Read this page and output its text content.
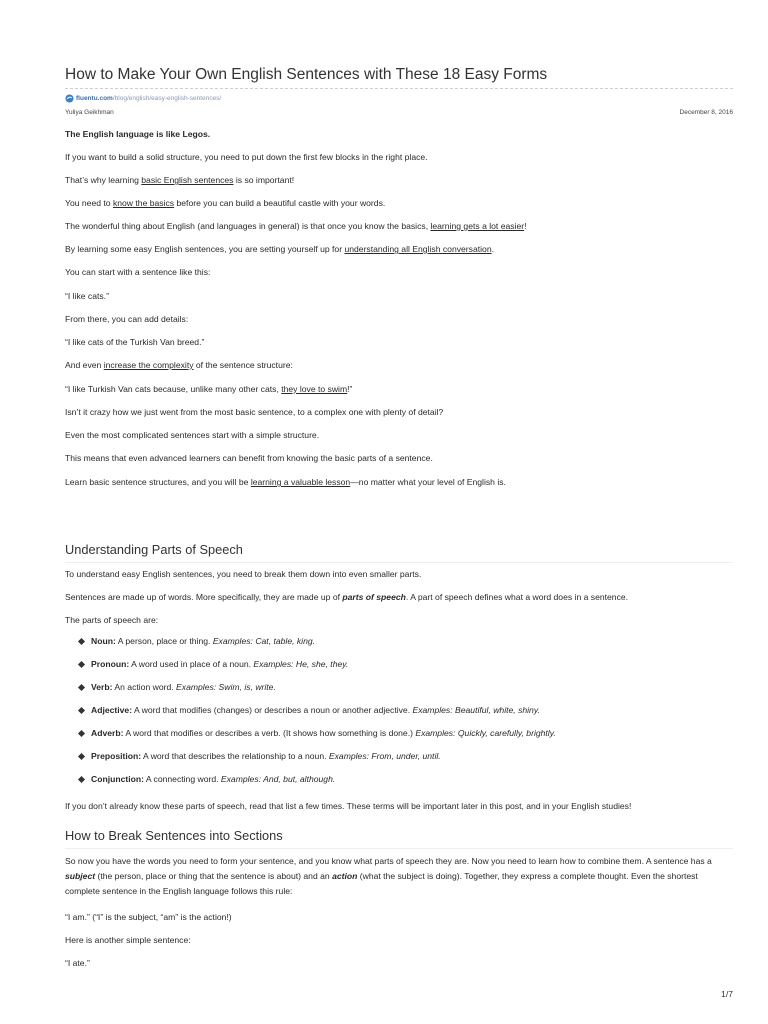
How to Make Your Own English Sentences with These 18 Easy Forms
fluentu.com /blog/english/easy-english-sentences/
Yuliya Geikhman	December 8, 2016

The English language is like Legos.

If you want to build a solid structure, you need to put down the first few blocks in the right place.

That’s why learning basic English sentences is so important!

You need to know the basics before you can build a beautiful castle with your words.

The wonderful thing about English (and languages in general) is that once you know the basics, learning gets a lot easier!

By learning some easy English sentences, you are setting yourself up for understanding all English conversation.

You can start with a sentence like this:

“I like cats.”

From there, you can add details:

“I like cats of the Turkish Van breed.”

And even increase the complexity of the sentence structure:

“I like Turkish Van cats because, unlike many other cats, they love to swim!”

Isn’t it crazy how we just went from the most basic sentence, to a complex one with plenty of detail?

Even the most complicated sentences start with a simple structure.

This means that even advanced learners can benefit from knowing the basic parts of a sentence.

Learn basic sentence structures, and you will be learning a valuable lesson—no matter what your level of English is.

Understanding Parts of Speech

To understand easy English sentences, you need to break them down into even smaller parts.

Sentences are made up of words. More specifically, they are made up of parts of speech. A part of speech defines what a word does in a sentence.

The parts of speech are:

Noun: A person, place or thing. Examples: Cat, table, king.
Pronoun: A word used in place of a noun. Examples: He, she, they.
Verb: An action word. Examples: Swim, is, write.
Adjective: A word that modifies (changes) or describes a noun or another adjective. Examples: Beautiful, white, shiny.
Adverb: A word that modifies or describes a verb. (It shows how something is done.) Examples: Quickly, carefully, brightly.
Preposition: A word that describes the relationship to a noun. Examples: From, under, until.
Conjunction: A connecting word. Examples: And, but, although.

If you don’t already know these parts of speech, read that list a few times. These terms will be important later in this post, and in your English studies!

How to Break Sentences into Sections

So now you have the words you need to form your sentence, and you know what parts of speech they are. Now you need to learn how to combine them. A sentence has a subject (the person, place or thing that the sentence is about) and an action (what the subject is doing). Together, they express a complete thought. Even the shortest complete sentence in the English language follows this rule:

“I am.” (“I” is the subject, “am” is the action!)

Here is another simple sentence:

“I ate.”

1/7
